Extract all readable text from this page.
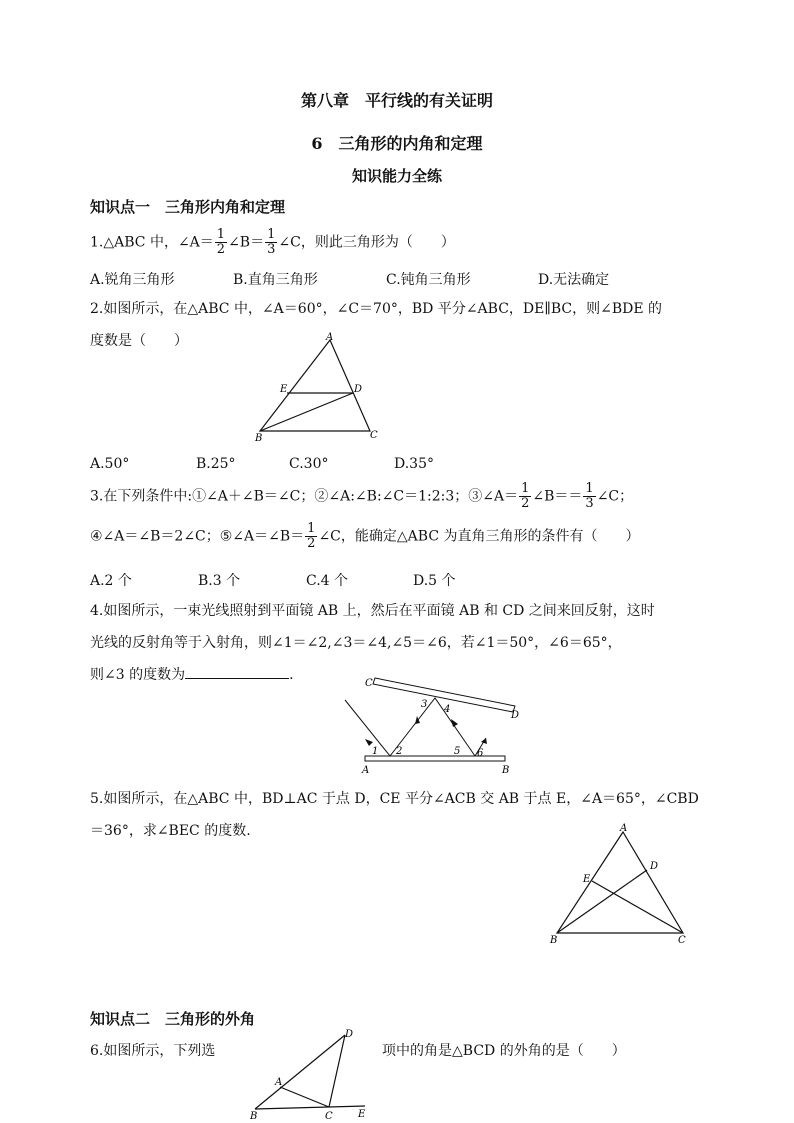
第八章　平行线的有关证明
6　三角形的内角和定理
知识能力全练
知识点一　三角形内角和定理
1.△ABC 中，∠A＝ $\frac{1}{2}$ ∠B＝ $\frac{1}{3}$ ∠C，则此三角形为（　　）
A.锐角三角形	B.直角三角形	C.钝角三角形	D.无法确定
2.如图所示，在△ABC 中，∠A＝60°，∠C＝70°，BD 平分∠ABC，DE∥BC，则∠BDE 的
度数是（　　）	A
E	D
B	C
A.50°	B.25°	C.30°	D.35°
3.在下列条件中:①∠A＋∠B＝∠C；②∠A:∠B:∠C＝1:2:3；③∠A＝ $\frac{1}{2}$ ∠B＝＝ $\frac{1}{3}$ ∠C；
④∠A＝∠B＝2∠C；⑤∠A＝∠B＝ $\frac{1}{2}$ ∠C，能确定△ABC 为直角三角形的条件有（　　）
A.2 个	B.3 个	C.4 个	D.5 个
4.如图所示，一束光线照射到平面镜 AB 上，然后在平面镜 AB 和 CD 之间来回反射，这时
光线的反射角等于入射角，则∠1＝∠2,∠3＝∠4,∠5＝∠6，若∠1＝50°，∠6＝65°，
则∠3 的度数为	.
C
D
A	B
1 2
3 4
5 6
5.如图所示，在△ABC 中，BD⊥AC 于点 D，CE 平分∠ACB 交 AB 于点 E，∠A＝65°，∠CBD
＝36°，求∠BEC 的度数.	A
E
D
B	C
知识点二　三角形的外角
6.如图所示，下列选	项中的角是△BCD 的外角的是（　　）
D
A
B	C	E
